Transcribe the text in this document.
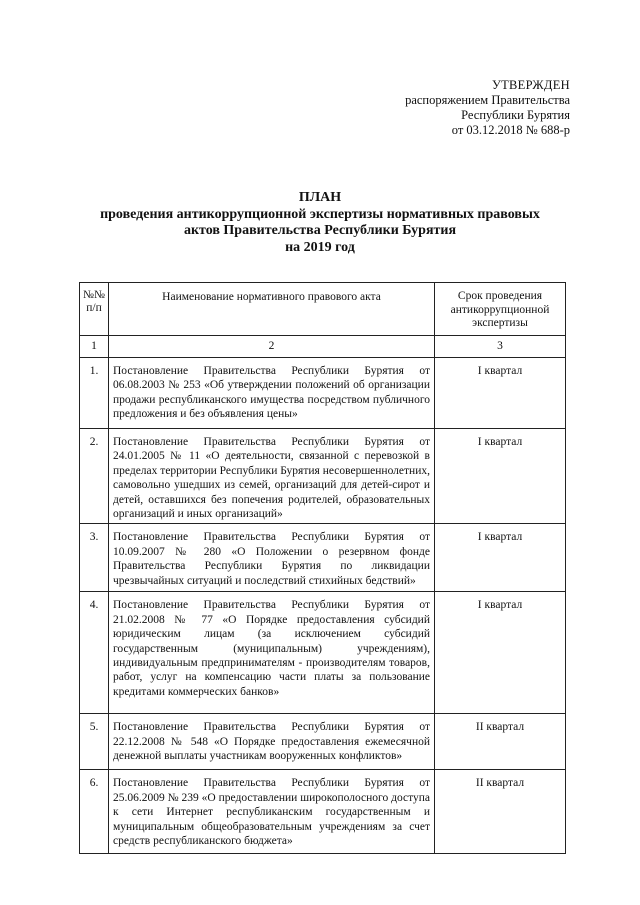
УТВЕРЖДЕН
распоряжением Правительства
Республики Бурятия
от 03.12.2018 № 688-р
ПЛАН
проведения антикоррупционной экспертизы нормативных правовых
актов Правительства Республики Бурятия
на 2019 год
№№ п/п	Наименование нормативного правового акта	Срок проведения антикоррупционной экспертизы

1	2	3

1.	Постановление Правительства Республики Бурятия от 06.08.2003 № 253 «Об утверждении положений об организации продажи республиканского имущества посредством публичного предложения и без объявления цены»	I квартал

2.	Постановление Правительства Республики Бурятия от 24.01.2005 № 11 «О деятельности, связанной с перевозкой в пределах территории Республики Бурятия несовершеннолетних, самовольно ушедших из семей, организаций для детей-сирот и детей, оставшихся без попечения родителей, образовательных организаций и иных организаций»	I квартал

3.	Постановление Правительства Республики Бурятия от 10.09.2007 № 280 «О Положении о резервном фонде Правительства Республики Бурятия по ликвидации чрезвычайных ситуаций и последствий стихийных бедствий»	I квартал

4.	Постановление Правительства Республики Бурятия от 21.02.2008 № 77 «О Порядке предоставления субсидий юридическим лицам (за исключением субсидий государственным (муниципальным) учреждениям), индивидуальным предпринимателям - производителям товаров, работ, услуг на компенсацию части платы за пользование кредитами коммерческих банков»	I квартал

5.	Постановление Правительства Республики Бурятия от 22.12.2008 № 548 «О Порядке предоставления ежемесячной денежной выплаты участникам вооруженных конфликтов»	II квартал

6.	Постановление Правительства Республики Бурятия от 25.06.2009 № 239 «О предоставлении широкополосного доступа к сети Интернет республиканским государственным и муниципальным общеобразовательным учреждениям за счет средств республиканского бюджета»	II квартал
